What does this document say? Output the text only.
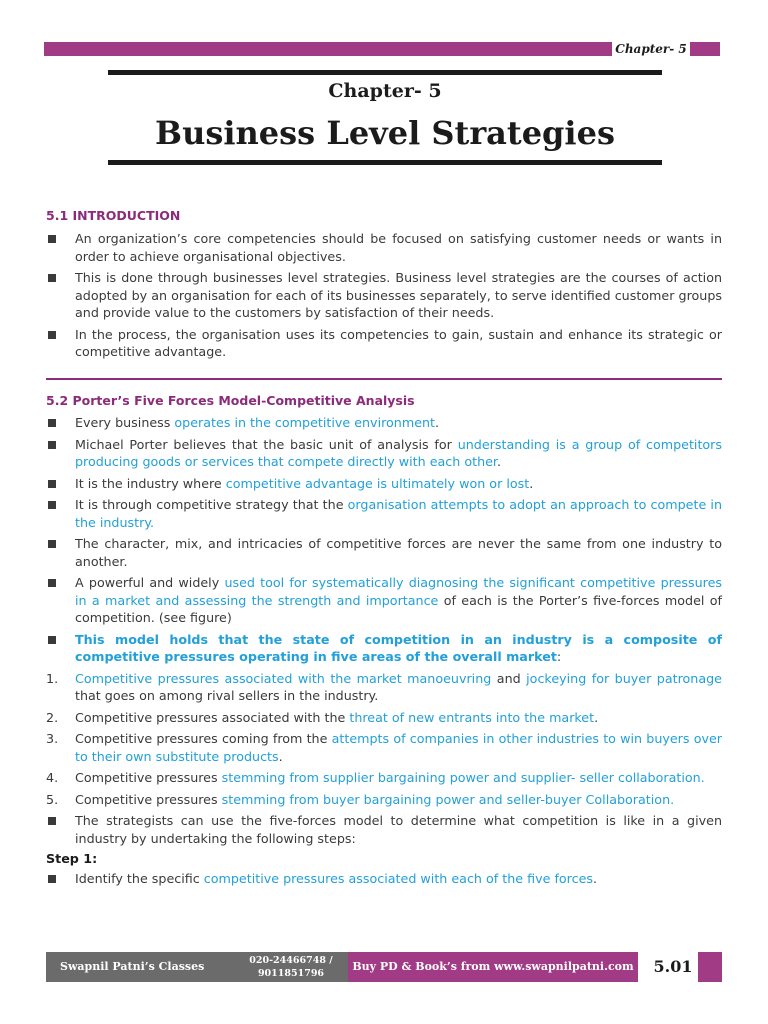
Chapter- 5
Chapter- 5
Business Level Strategies
5.1 INTRODUCTION
An organization’s core competencies should be focused on satisfying customer needs or wants in order to achieve organisational objectives.
This is done through businesses level strategies. Business level strategies are the courses of action adopted by an organisation for each of its businesses separately, to serve identified customer groups and provide value to the customers by satisfaction of their needs.
In the process, the organisation uses its competencies to gain, sustain and enhance its strategic or competitive advantage.
5.2 Porter’s Five Forces Model-Competitive Analysis
Every business operates in the competitive environment.
Michael Porter believes that the basic unit of analysis for understanding is a group of competitors producing goods or services that compete directly with each other.
It is the industry where competitive advantage is ultimately won or lost.
It is through competitive strategy that the organisation attempts to adopt an approach to compete in the industry.
The character, mix, and intricacies of competitive forces are never the same from one industry to another.
A powerful and widely used tool for systematically diagnosing the significant competitive pressures in a market and assessing the strength and importance of each is the Porter’s five-forces model of competition. (see figure)
This model holds that the state of competition in an industry is a composite of competitive pressures operating in five areas of the overall market:
1.	Competitive pressures associated with the market manoeuvring and jockeying for buyer patronage that goes on among rival sellers in the industry.
2.	Competitive pressures associated with the threat of new entrants into the market.
3.	Competitive pressures coming from the attempts of companies in other industries to win buyers over to their own substitute products.
4.	Competitive pressures stemming from supplier bargaining power and supplier- seller collaboration.
5.	Competitive pressures stemming from buyer bargaining power and seller-buyer Collaboration.
The strategists can use the five-forces model to determine what competition is like in a given industry by undertaking the following steps:
Step 1:
Identify the specific competitive pressures associated with each of the five forces.
Swapnil Patni’s Classes	020-24466748 / 9011851796
9011854340
Buy PD & Book’s from www.swapnilpatni.com	5.01
